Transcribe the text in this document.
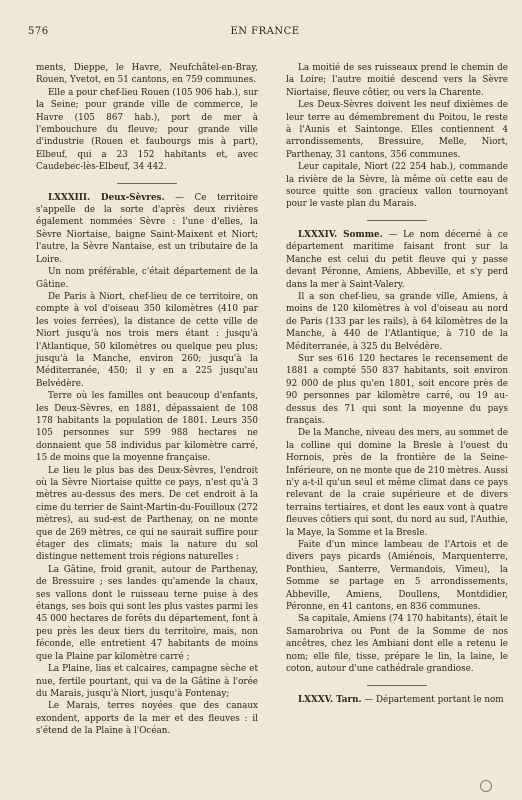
576	EN FRANCE

ments, Dieppe, le Havre, Neufchâtel-en-Bray, Rouen, Yvetot, en 51 cantons, en 759 communes.

Elle a pour chef-lieu Rouen (105 906 hab.), sur la Seine; pour grande ville de commerce, le Havre (105 867 hab.), port de mer à l'embouchure du fleuve; pour grande ville d'industrie (Rouen et faubourgs mis à part), Elbeuf, qui a 23 152 habitants et, avec Caudebec-lès-Elbeuf, 34 442.

LXXXIII. Deux-Sèvres. — Ce territoire s'appelle de la sorte d'après deux rivières également nommées Sèvre : l'une d'elles, la Sèvre Niortaise, baigne Saint-Maixent et Niort; l'autre, la Sèvre Nantaise, est un tributaire de la Loire.

Un nom préférable, c'était département de la Gâtine.

De Paris à Niort, chef-lieu de ce territoire, on compte à vol d'oiseau 350 kilomètres (410 par les voies ferrées), la distance de cette ville de Niort jusqu'à nos trois mers étant : jusqu'à l'Atlantique, 50 kilomètres ou quelque peu plus; jusqu'à la Manche, environ 260; jusqu'à la Méditerranée, 450; il y en a 225 jusqu'au Belvédère.

Terre où les familles ont beaucoup d'enfants, les Deux-Sèvres, en 1881, dépassaient de 108 178 habitants la population de 1801. Leurs 350 105 personnes sur 599 988 hectares ne donnaient que 58 individus par kilomètre carré, 15 de moins que la moyenne française.

Le lieu le plus bas des Deux-Sèvres, l'endroit où la Sèvre Niortaise quitte ce pays, n'est qu'à 3 mètres au-dessus des mers. De cet endroit à la cime du terrier de Saint-Martin-du-Fouilloux (272 mètres), au sud-est de Parthenay, on ne monte que de 269 mètres, ce qui ne saurait suffire pour étager des climats; mais la nature du sol distingue nettement trois régions naturelles :

La Gâtine, froid granit, autour de Parthenay, de Bressuire ; ses landes qu'amende la chaux, ses vallons dont le ruisseau terne puise à des étangs, ses bois qui sont les plus vastes parmi les 45 000 hectares de forêts du département, font à peu près les deux tiers du territoire, mais, non féconde, elle entretient 47 habitants de moins que la Plaine par kilomètre carré ;

La Plaine, lias et calcaires, campagne sèche et nue, fertile pourtant, qui va de la Gâtine à l'orée du Marais, jusqu'à Niort, jusqu'à Fontenay;

Le Marais, terres noyées que des canaux exondent, apports de la mer et des fleuves : il s'étend de la Plaine à l'Océan.

La moitié de ses ruisseaux prend le chemin de la Loire; l'autre moitié descend vers la Sèvre Niortaise, fleuve côtier, ou vers la Charente.

Les Deux-Sèvres doivent les neuf dixièmes de leur terre au démembrement du Poitou, le reste à l'Aunis et Saintonge. Elles contiennent 4 arrondissements, Bressuire, Melle, Niort, Parthenay, 31 cantons, 356 communes.

Leur capitale, Niort (22 254 hab.), commande la rivière de la Sèvre, là même où cette eau de source quitte son gracieux vallon tournoyant pour le vaste plan du Marais.

LXXXIV. Somme. — Le nom décerné à ce département maritime faisant front sur la Manche est celui du petit fleuve qui y passe devant Péronne, Amiens, Abbeville, et s'y perd dans la mer à Saint-Valery.

Il a son chef-lieu, sa grande ville, Amiens, à moins de 120 kilomètres à vol d'oiseau au nord de Paris (133 par les rails), à 64 kilomètres de la Manche, à 440 de l'Atlantique, à 710 de la Méditerranée, à 325 du Belvédère.

Sur ses 616 120 hectares le recensement de 1881 a compté 550 837 habitants, soit environ 92 000 de plus qu'en 1801, soit encore près de 90 personnes par kilomètre carré, ou 19 au-dessus des 71 qui sont la moyenne du pays français.

De la Manche, niveau des mers, au sommet de la colline qui domine la Bresle à l'ouest du Hornois, près de la frontière de la Seine-Inférieure, on ne monte que de 210 mètres. Aussi n'y a-t-il qu'un seul et même climat dans ce pays relevant de la craie supérieure et de divers terrains tertiaires, et dont les eaux vont à quatre fleuves côtiers qui sont, du nord au sud, l'Authie, la Maye, la Somme et la Bresle.

Faite d'un mince lambeau de l'Artois et de divers pays picards (Amiénois, Marquenterre, Ponthieu, Santerre, Vermandois, Vimeu), la Somme se partage en 5 arrondissements, Abbeville, Amiens, Doullens, Montdidier, Péronne, en 41 cantons, en 836 communes.

Sa capitale, Amiens (74 170 habitants), était le Samarobriva ou Pont de la Somme de nos ancêtres, chez les Ambiani dont elle a retenu le nom; elle file, tisse, prépare le lin, la laine, le coton, autour d'une cathédrale grandiose.

LXXXV. Tarn. — Département portant le nom
